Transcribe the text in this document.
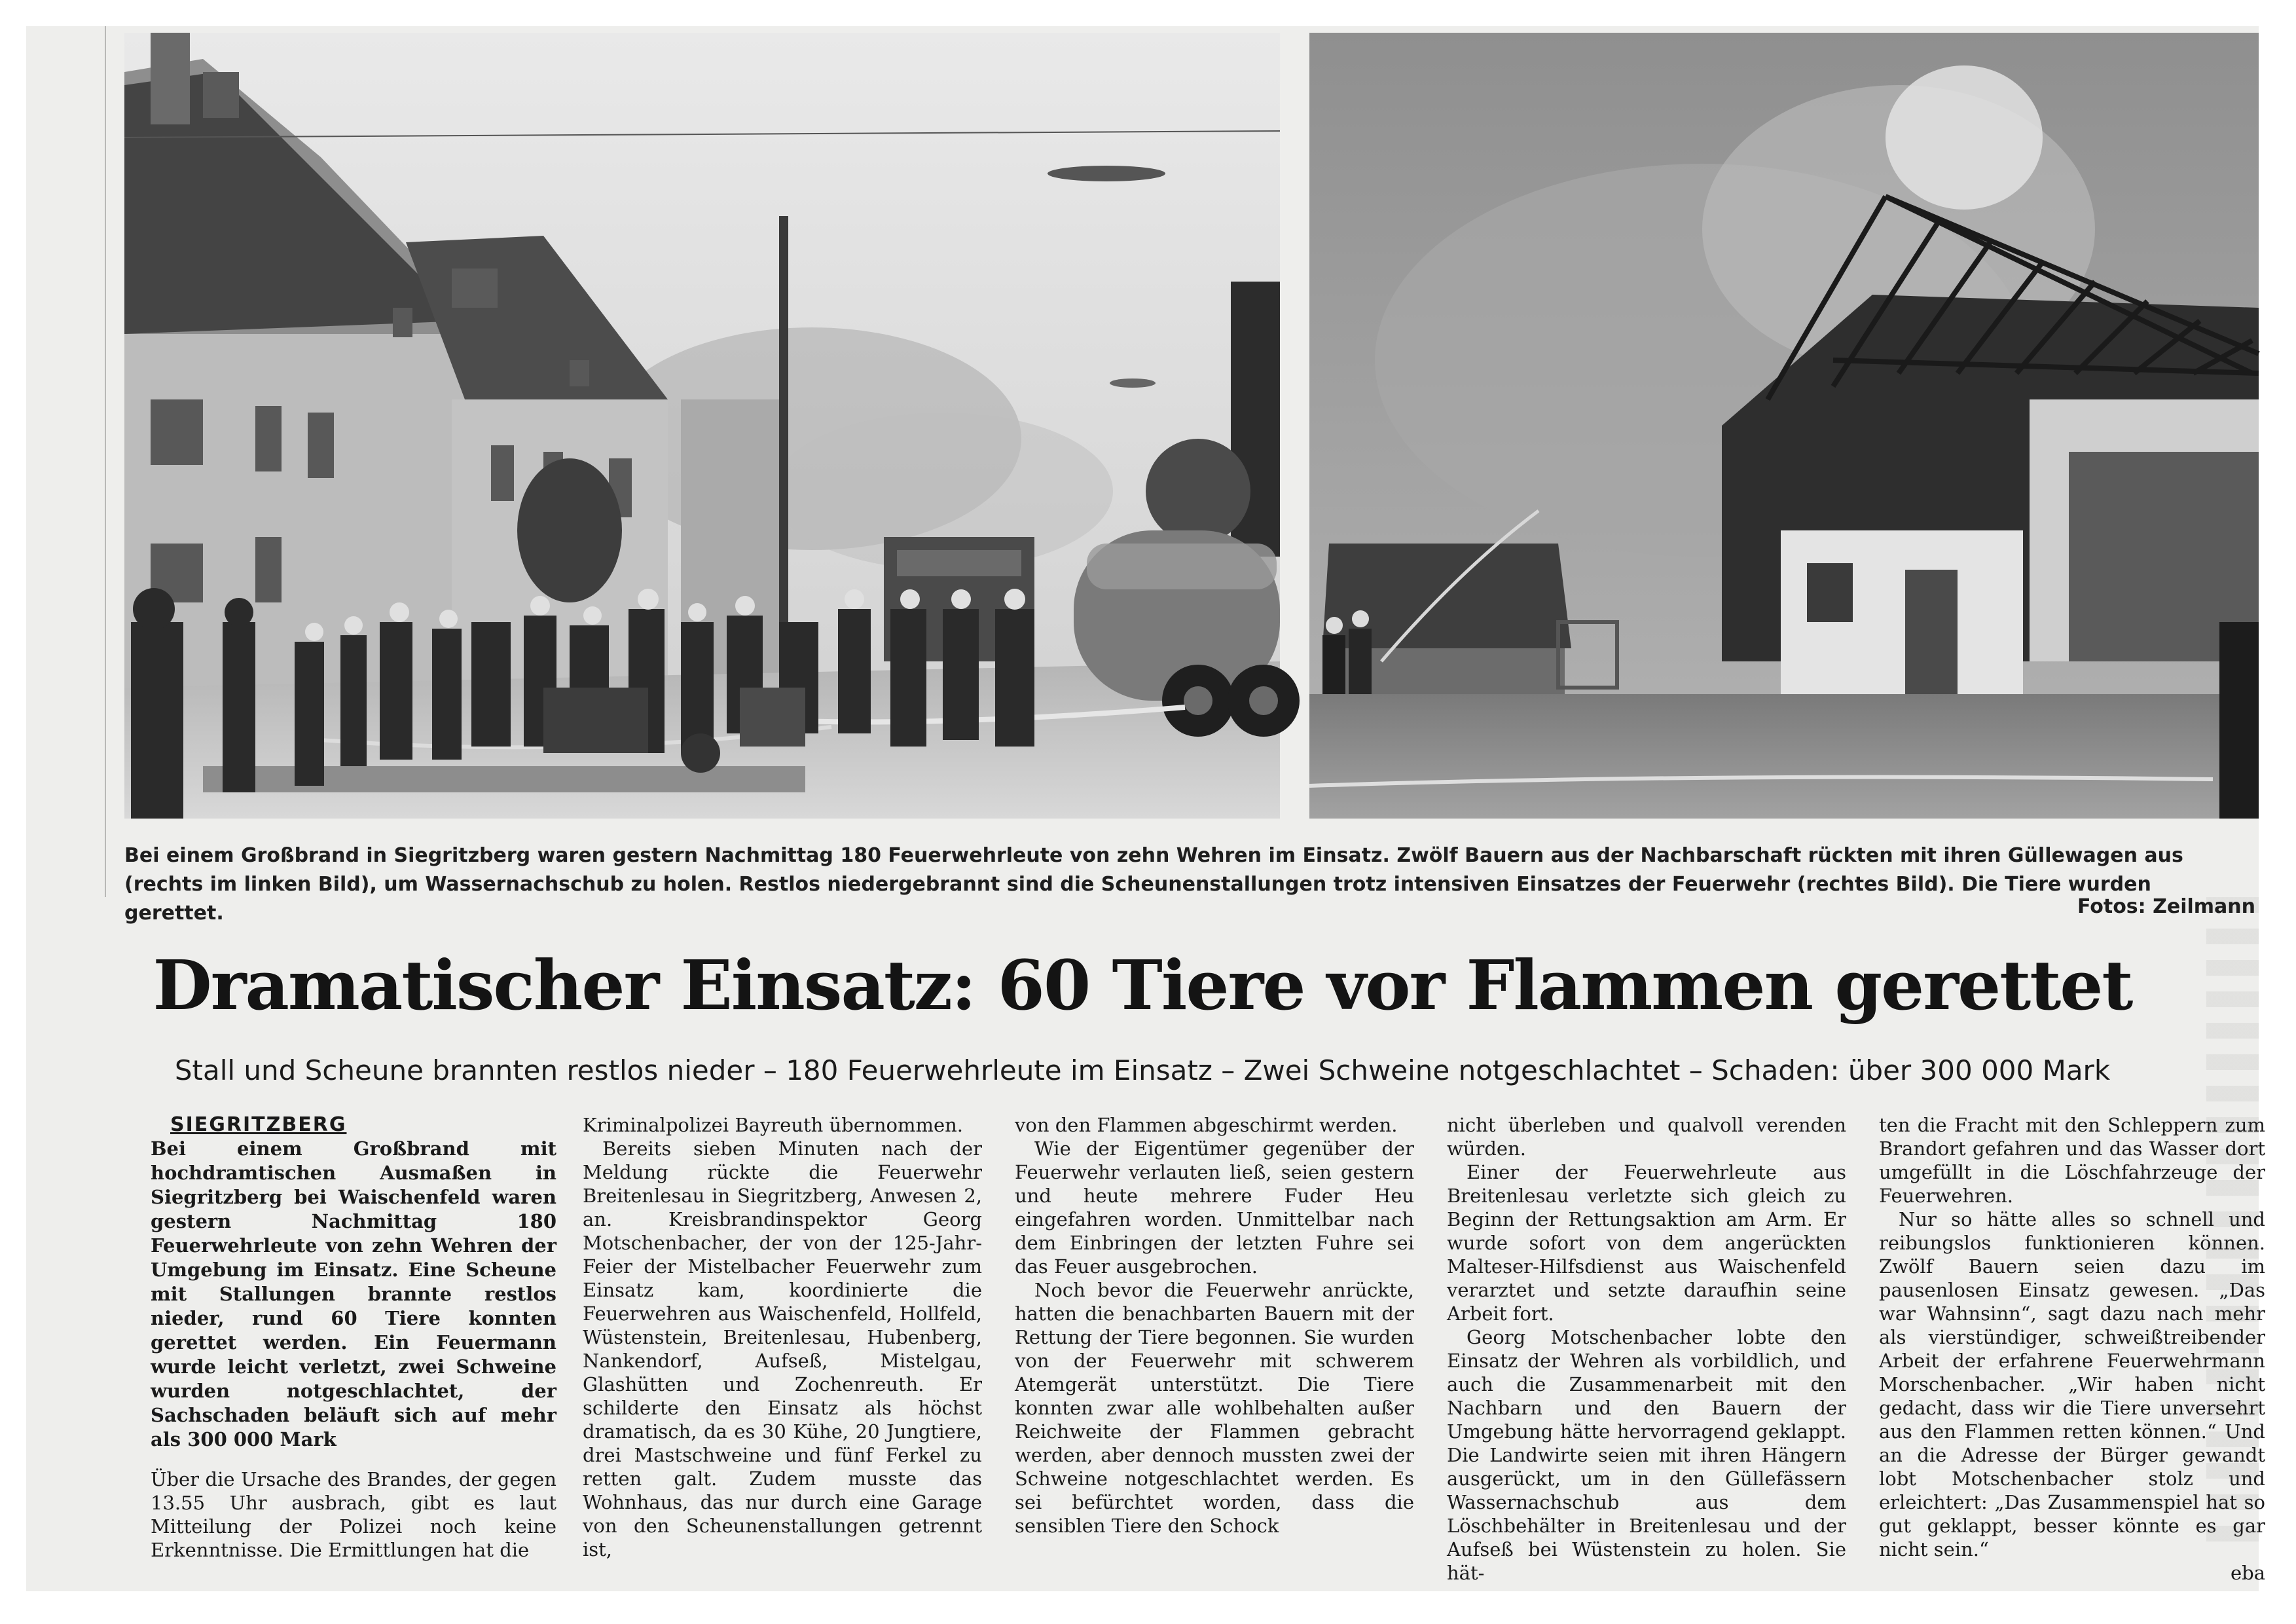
Bei einem Großbrand in Siegritzberg waren gestern Nachmittag 180 Feuerwehrleute von zehn Wehren im Einsatz. Zwölf Bauern aus der Nachbarschaft rückten mit ihren Güllewagen aus (rechts im linken Bild), um Wassernachschub zu holen. Restlos niedergebrannt sind die Scheunenstallungen trotz intensiven Einsatzes der Feuerwehr (rechtes Bild). Die Tiere wurden gerettet.	Fotos: Zeilmann
Dramatischer Einsatz: 60 Tiere vor Flammen gerettet
Stall und Scheune brannten restlos nieder – 180 Feuerwehrleute im Einsatz – Zwei Schweine notgeschlachtet – Schaden: über 300 000 Mark

SIEGRITZBERG

Bei einem Großbrand mit hochdramtischen Ausmaßen in Siegritzberg bei Waischenfeld waren gestern Nachmittag 180 Feuerwehrleute von zehn Wehren der Umgebung im Einsatz. Eine Scheune mit Stallungen brannte restlos nieder, rund 60 Tiere konnten gerettet werden. Ein Feuermann wurde leicht verletzt, zwei Schweine wurden notgeschlachtet, der Sachschaden beläuft sich auf mehr als 300 000 Mark

Über die Ursache des Brandes, der gegen 13.55 Uhr ausbrach, gibt es laut Mitteilung der Polizei noch keine Erkenntnisse. Die Ermittlungen hat die

Kriminalpolizei Bayreuth übernommen.

Bereits sieben Minuten nach der Meldung rückte die Feuerwehr Breitenlesau in Siegritzberg, Anwesen 2, an. Kreisbrandinspektor Georg Motschenbacher, der von der 125-Jahr-Feier der Mistelbacher Feuerwehr zum Einsatz kam, koordinierte die Feuerwehren aus Waischenfeld, Hollfeld, Wüstenstein, Breitenlesau, Hubenberg, Nankendorf, Aufseß, Mistelgau, Glashütten und Zochenreuth. Er schilderte den Einsatz als höchst dramatisch, da es 30 Kühe, 20 Jungtiere, drei Mastschweine und fünf Ferkel zu retten galt. Zudem musste das Wohnhaus, das nur durch eine Garage von den Scheunenstallungen getrennt ist,

von den Flammen abgeschirmt werden.

Wie der Eigentümer gegenüber der Feuerwehr verlauten ließ, seien gestern und heute mehrere Fuder Heu eingefahren worden. Unmittelbar nach dem Einbringen der letzten Fuhre sei das Feuer ausgebrochen.

Noch bevor die Feuerwehr anrückte, hatten die benachbarten Bauern mit der Rettung der Tiere begonnen. Sie wurden von der Feuerwehr mit schwerem Atemgerät unterstützt. Die Tiere konnten zwar alle wohlbehalten außer Reichweite der Flammen gebracht werden, aber dennoch mussten zwei der Schweine notgeschlachtet werden. Es sei befürchtet worden, dass die sensiblen Tiere den Schock

nicht überleben und qualvoll verenden würden.

Einer der Feuerwehrleute aus Breitenlesau verletzte sich gleich zu Beginn der Rettungsaktion am Arm. Er wurde sofort von dem angerückten Malteser-Hilfsdienst aus Waischenfeld verarztet und setzte daraufhin seine Arbeit fort.

Georg Motschenbacher lobte den Einsatz der Wehren als vorbildlich, und auch die Zusammenarbeit mit den Nachbarn und den Bauern der Umgebung hätte hervorragend geklappt. Die Landwirte seien mit ihren Hängern ausgerückt, um in den Güllefässern Wassernachschub aus dem Löschbehälter in Breitenlesau und der Aufseß bei Wüstenstein zu holen. Sie hät-

ten die Fracht mit den Schleppern zum Brandort gefahren und das Wasser dort umgefüllt in die Löschfahrzeuge der Feuerwehren.

Nur so hätte alles so schnell und reibungslos funktionieren können. Zwölf Bauern seien dazu im pausenlosen Einsatz gewesen. „Das war Wahnsinn“, sagt dazu nach mehr als vierstündiger, schweißtreibender Arbeit der erfahrene Feuerwehrmann Morschenbacher. „Wir haben nicht gedacht, dass wir die Tiere unversehrt aus den Flammen retten können.“ Und an die Adresse der Bürger gewandt lobt Motschenbacher stolz und erleichtert: „Das Zusammenspiel hat so gut geklappt, besser könnte es gar nicht sein.“

eba
